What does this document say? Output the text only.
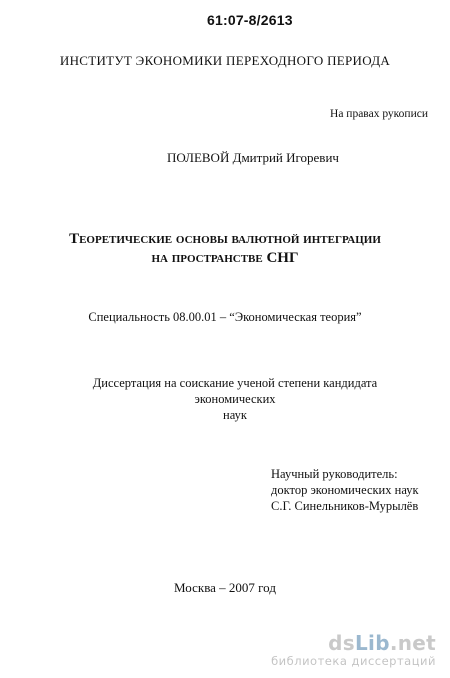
61:07-8/2613
ИНСТИТУТ ЭКОНОМИКИ ПЕРЕХОДНОГО ПЕРИОДА
На правах рукописи
ПОЛЕВОЙ Дмитрий Игоревич
Теоретические основы валютной интеграции
на пространстве СНГ
Специальность 08.00.01 – “Экономическая теория”
Диссертация на соискание ученой степени кандидата экономических
наук
Научный руководитель:
доктор экономических наук
С.Г. Синельников-Мурылёв
Москва – 2007 год
dsLib.net
библиотека диссертаций
